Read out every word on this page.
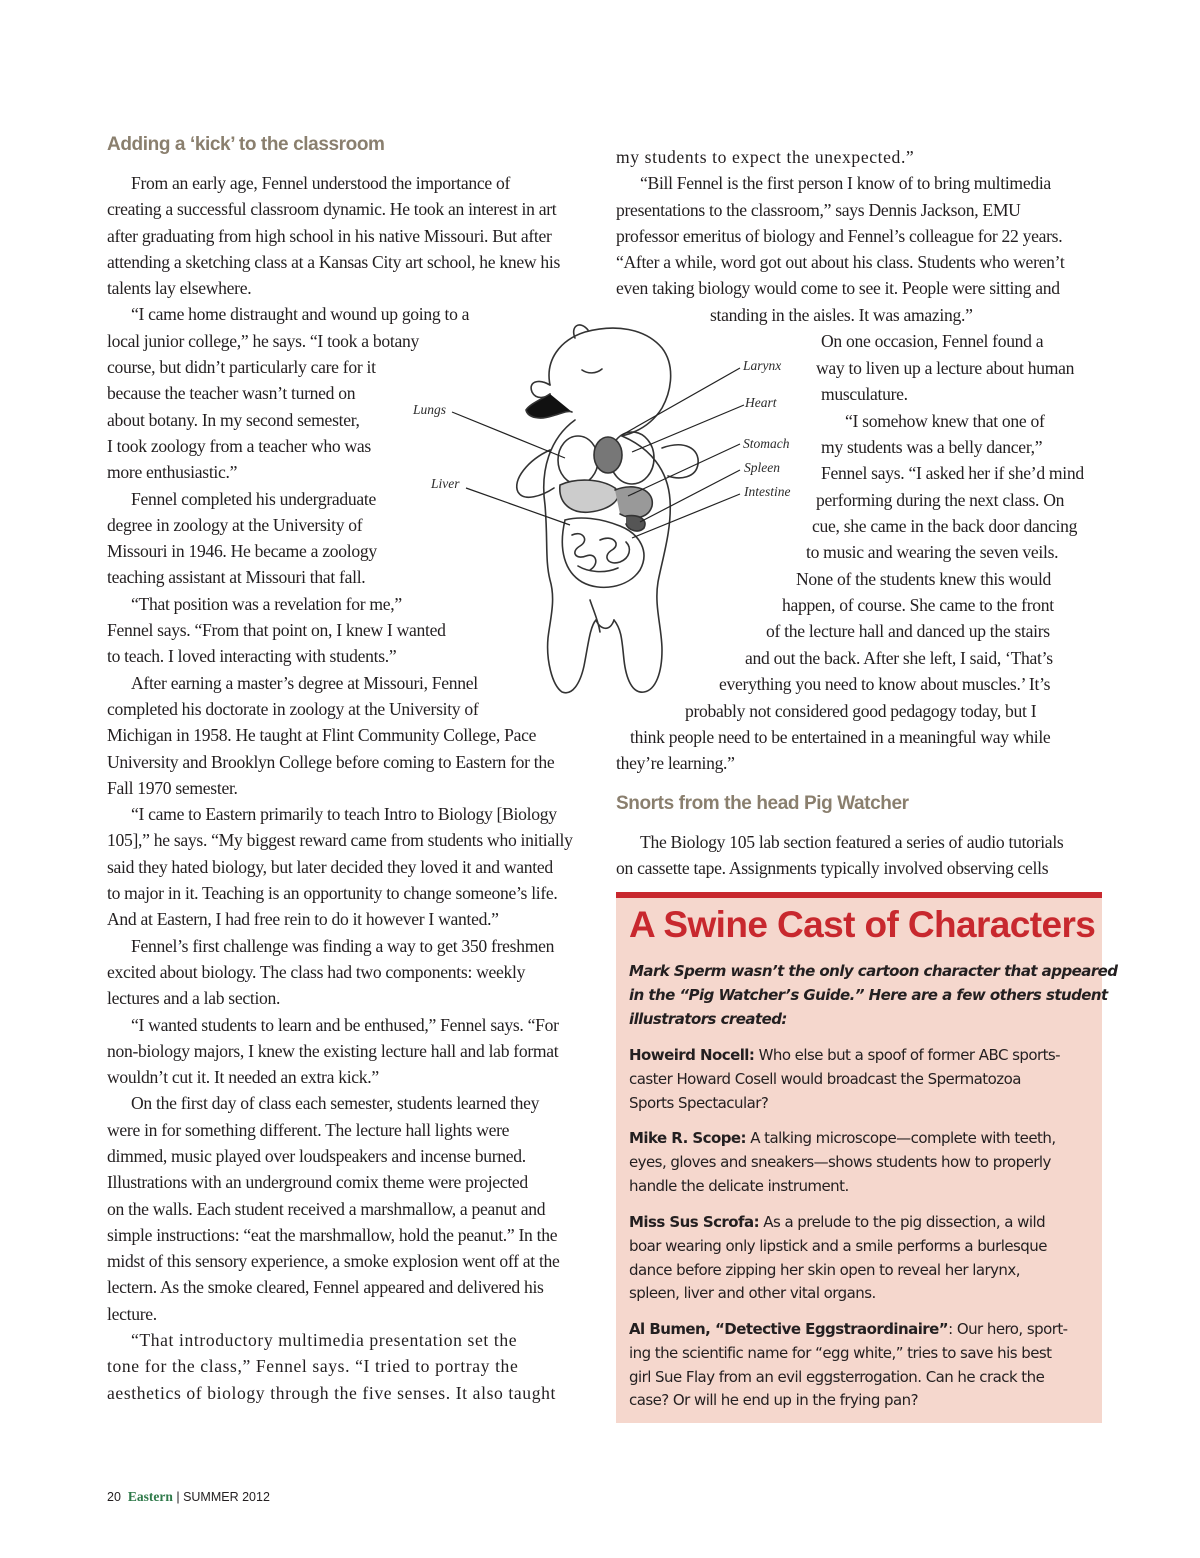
Adding a ‘kick’ to the classroom
From an early age, Fennel understood the importance of
creating a successful classroom dynamic. He took an interest in art
after graduating from high school in his native Missouri. But after
attending a sketching class at a Kansas City art school, he knew his
talents lay elsewhere.
“I came home distraught and wound up going to a
local junior college,” he says. “I took a botany
course, but didn’t particularly care for it
because the teacher wasn’t turned on
about botany. In my second semester,
I took zoology from a teacher who was
more enthusiastic.”
Fennel completed his undergraduate
degree in zoology at the University of
Missouri in 1946. He became a zoology
teaching assistant at Missouri that fall.
“That position was a revelation for me,”
Fennel says. “From that point on, I knew I wanted
to teach. I loved interacting with students.”
After earning a master’s degree at Missouri, Fennel
completed his doctorate in zoology at the University of
Michigan in 1958. He taught at Flint Community College, Pace
University and Brooklyn College before coming to Eastern for the
Fall 1970 semester.
“I came to Eastern primarily to teach Intro to Biology [Biology
105],” he says. “My biggest reward came from students who initially
said they hated biology, but later decided they loved it and wanted
to major in it. Teaching is an opportunity to change someone’s life.
And at Eastern, I had free rein to do it however I wanted.”
Fennel’s first challenge was finding a way to get 350 freshmen
excited about biology. The class had two components: weekly
lectures and a lab section.
“I wanted students to learn and be enthused,” Fennel says. “For
non-biology majors, I knew the existing lecture hall and lab format
wouldn’t cut it. It needed an extra kick.”
On the first day of class each semester, students learned they
were in for something different. The lecture hall lights were
dimmed, music played over loudspeakers and incense burned.
Illustrations with an underground comix theme were projected
on the walls. Each student received a marshmallow, a peanut and
simple instructions: “eat the marshmallow, hold the peanut.” In the
midst of this sensory experience, a smoke explosion went off at the
lectern. As the smoke cleared, Fennel appeared and delivered his
lecture.
“That introductory multimedia presentation set the
tone for the class,” Fennel says. “I tried to portray the
aesthetics of biology through the five senses. It also taught
my students to expect the unexpected.”
“Bill Fennel is the first person I know of to bring multimedia
presentations to the classroom,” says Dennis Jackson, EMU
professor emeritus of biology and Fennel’s colleague for 22 years.
“After a while, word got out about his class. Students who weren’t
even taking biology would come to see it. People were sitting and
standing in the aisles. It was amazing.”
On one occasion, Fennel found a
way to liven up a lecture about human
musculature.
“I somehow knew that one of
my students was a belly dancer,”
Fennel says. “I asked her if she’d mind
performing during the next class. On
cue, she came in the back door dancing
to music and wearing the seven veils.
None of the students knew this would
happen, of course. She came to the front
of the lecture hall and danced up the stairs
and out the back. After she left, I said, ‘That’s
everything you need to know about muscles.’ It’s
probably not considered good pedagogy today, but I
think people need to be entertained in a meaningful way while
they’re learning.”
Snorts from the head Pig Watcher
The Biology 105 lab section featured a series of audio tutorials
on cassette tape. Assignments typically involved observing cells
Larynx
Heart
Lungs
Stomach
Spleen
Liver
Intestine
A Swine Cast of Characters
Mark Sperm wasn’t the only cartoon character that appeared
in the “Pig Watcher’s Guide.” Here are a few others student
illustrators created:
Howeird Nocell: Who else but a spoof of former ABC sports-
caster Howard Cosell would broadcast the Spermatozoa
Sports Spectacular?
Mike R. Scope: A talking microscope—complete with teeth,
eyes, gloves and sneakers—shows students how to properly
handle the delicate instrument.
Miss Sus Scrofa: As a prelude to the pig dissection, a wild
boar wearing only lipstick and a smile performs a burlesque
dance before zipping her skin open to reveal her larynx,
spleen, liver and other vital organs.
Al Bumen, “Detective Eggstraordinaire”: Our hero, sport-
ing the scientific name for “egg white,” tries to save his best
girl Sue Flay from an evil eggsterrogation. Can he crack the
case? Or will he end up in the frying pan?
20 Eastern | SUMMER 2012
